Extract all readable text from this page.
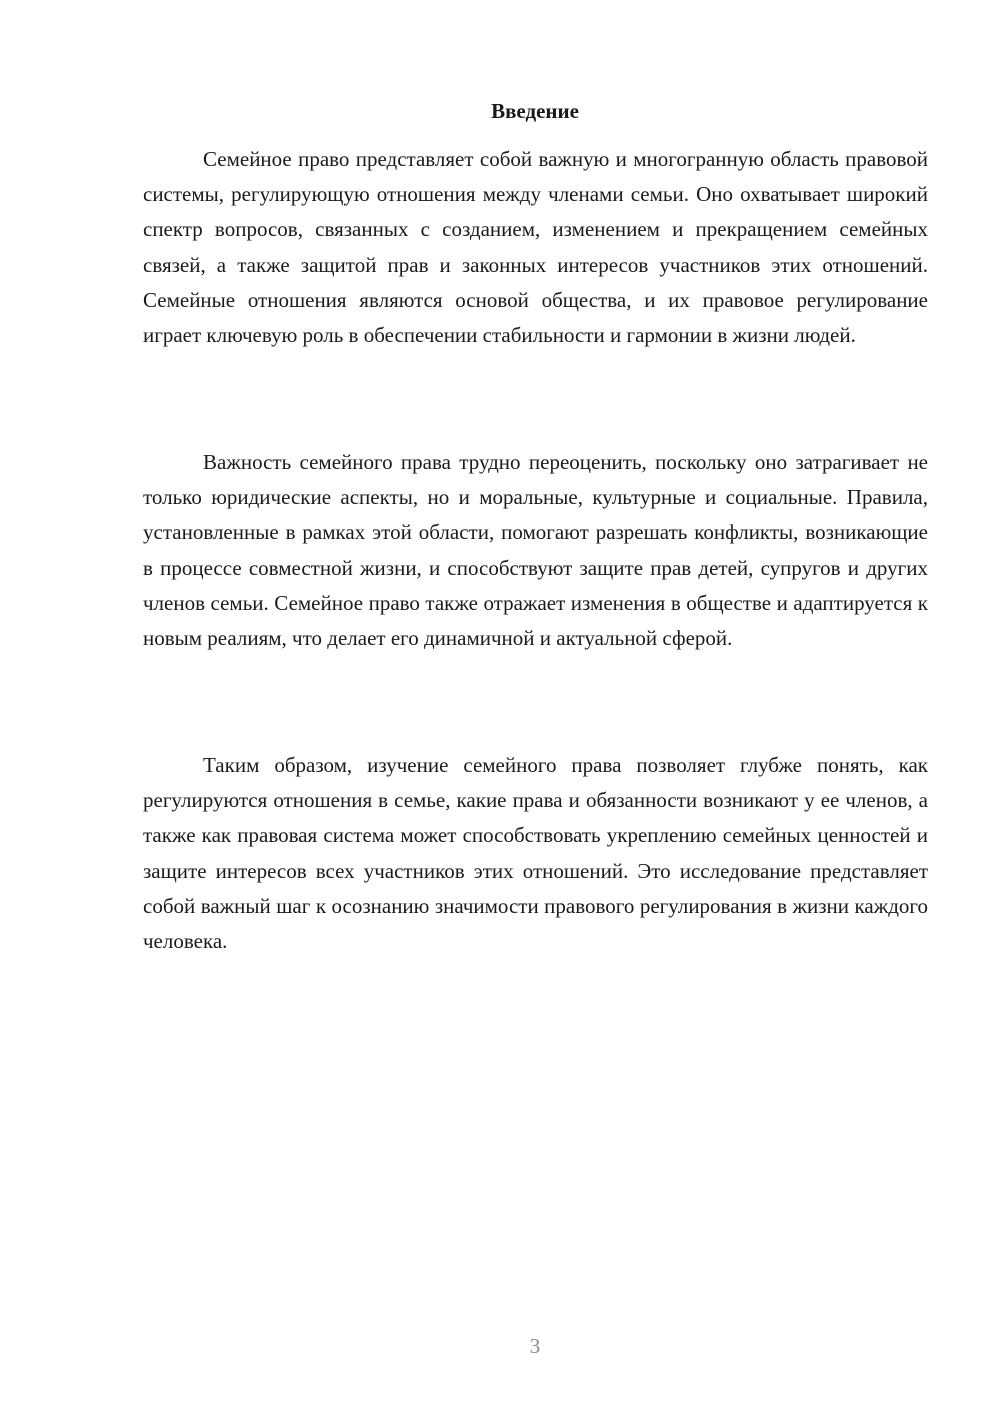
Введение

Семейное право представляет собой важную и многогранную область правовой системы, регулирующую отношения между членами семьи. Оно охватывает широкий спектр вопросов, связанных с созданием, изменением и прекращением семейных связей, а также защитой прав и законных интересов участников этих отношений. Семейные отношения являются основой общества, и их правовое регулирование играет ключевую роль в обеспечении стабильности и гармонии в жизни людей.

Важность семейного права трудно переоценить, поскольку оно затрагивает не только юридические аспекты, но и моральные, культурные и социальные. Правила, установленные в рамках этой области, помогают разрешать конфликты, возникающие в процессе совместной жизни, и способствуют защите прав детей, супругов и других членов семьи. Семейное право также отражает изменения в обществе и адаптируется к новым реалиям, что делает его динамичной и актуальной сферой.

Таким образом, изучение семейного права позволяет глубже понять, как регулируются отношения в семье, какие права и обязанности возникают у ее членов, а также как правовая система может способствовать укреплению семейных ценностей и защите интересов всех участников этих отношений. Это исследование представляет собой важный шаг к осознанию значимости правового регулирования в жизни каждого человека.

3
